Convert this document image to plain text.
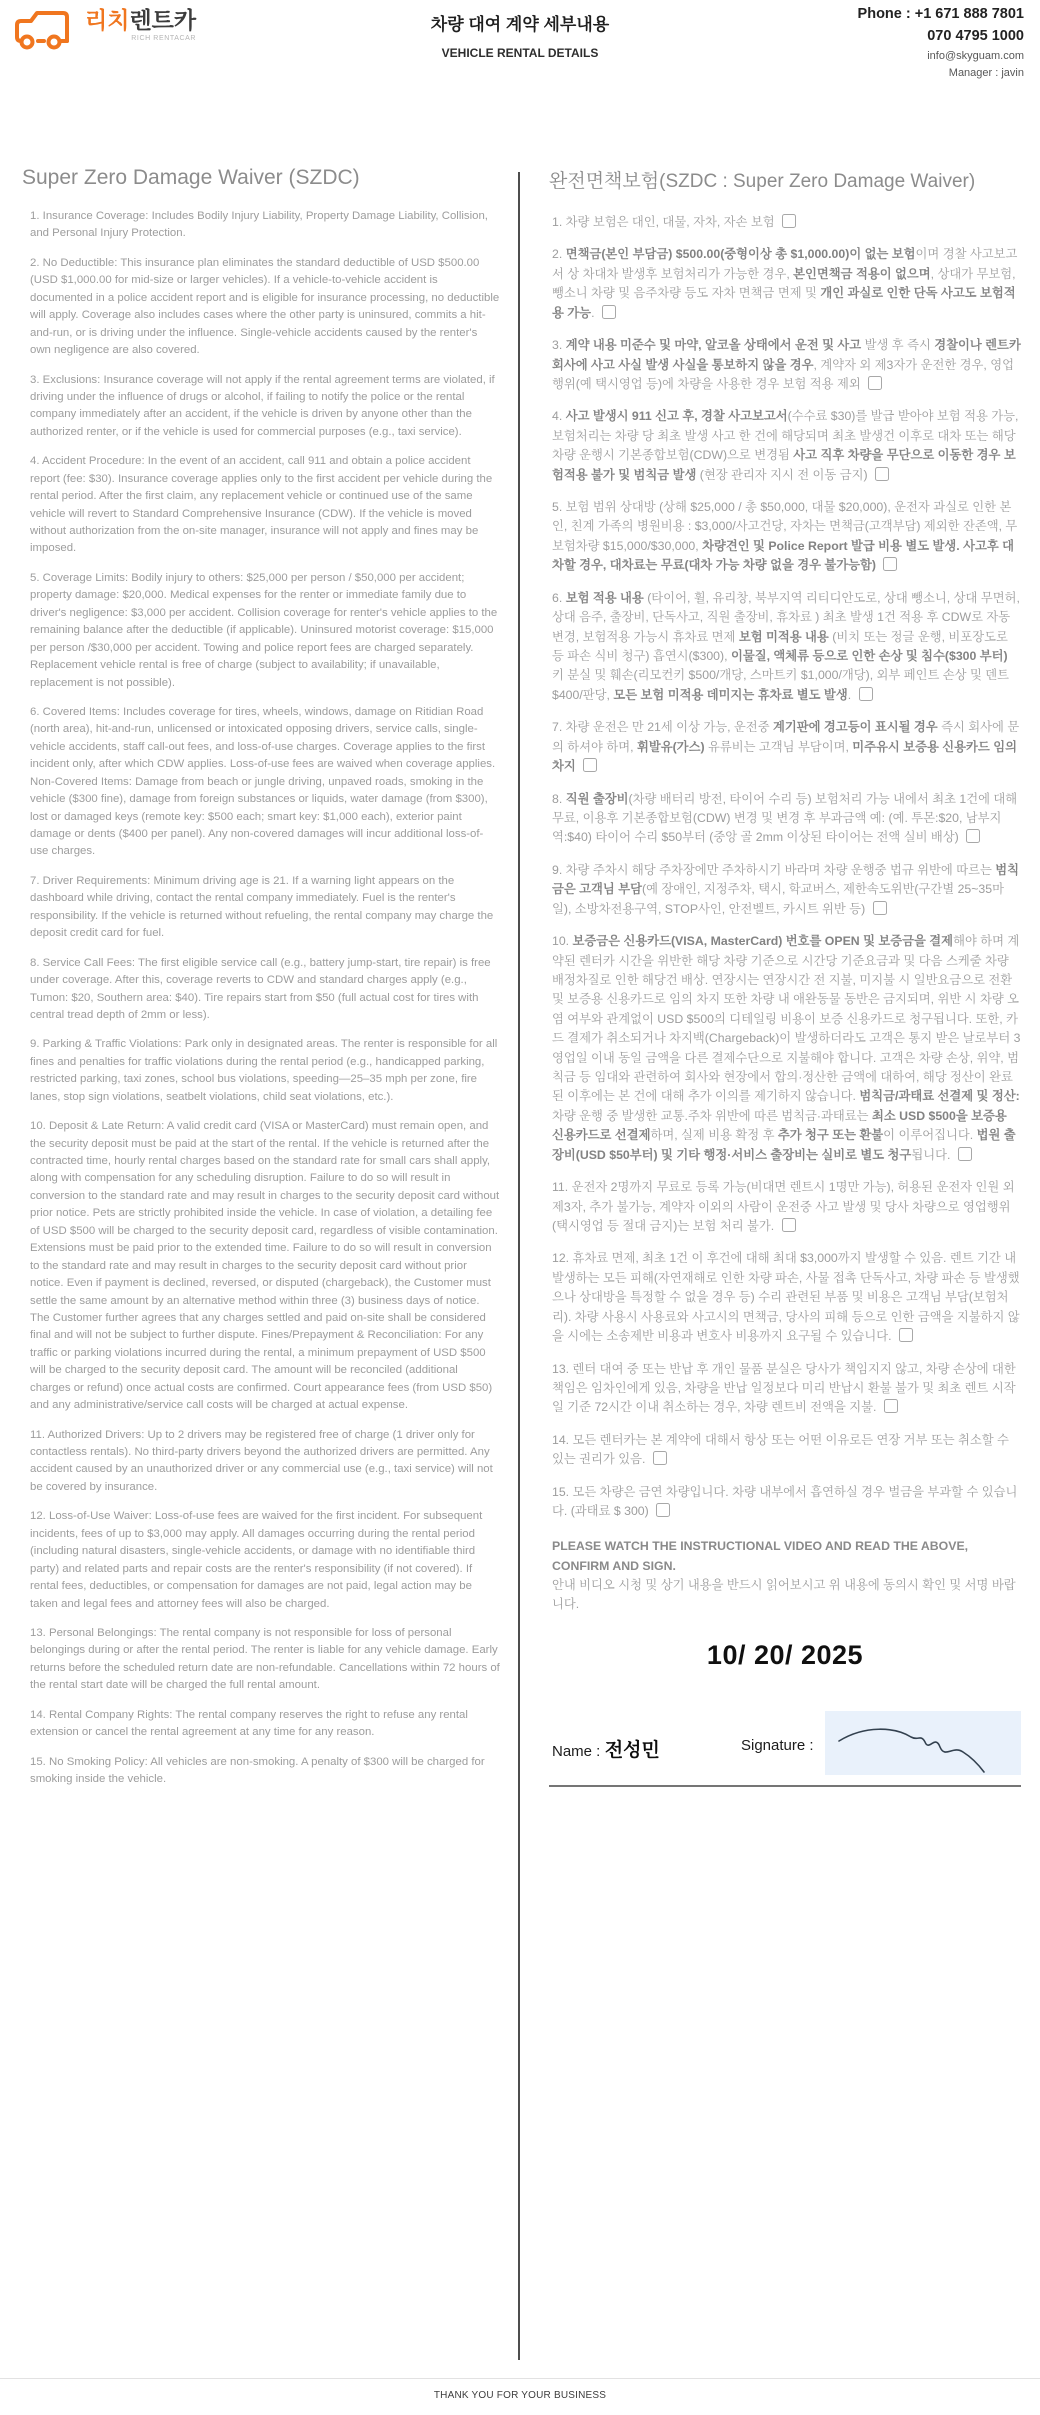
리치렌트카
RICH RENTACAR
차량 대여 계약 세부내용
VEHICLE RENTAL DETAILS
Phone : +1 671 888 7801
070 4795 1000
info@skyguam.com
Manager : javin
Super Zero Damage Waiver (SZDC)

1. Insurance Coverage: Includes Bodily Injury Liability, Property Damage Liability, Collision, and Personal Injury Protection.

2. No Deductible: This insurance plan eliminates the standard deductible of USD $500.00 (USD $1,000.00 for mid-size or larger vehicles). If a vehicle-to-vehicle accident is documented in a police accident report and is eligible for insurance processing, no deductible will apply. Coverage also includes cases where the other party is uninsured, commits a hit-and-run, or is driving under the influence. Single-vehicle accidents caused by the renter's own negligence are also covered.

3. Exclusions: Insurance coverage will not apply if the rental agreement terms are violated, if driving under the influence of drugs or alcohol, if failing to notify the police or the rental company immediately after an accident, if the vehicle is driven by anyone other than the authorized renter, or if the vehicle is used for commercial purposes (e.g., taxi service).

4. Accident Procedure: In the event of an accident, call 911 and obtain a police accident report (fee: $30). Insurance coverage applies only to the first accident per vehicle during the rental period. After the first claim, any replacement vehicle or continued use of the same vehicle will revert to Standard Comprehensive Insurance (CDW). If the vehicle is moved without authorization from the on-site manager, insurance will not apply and fines may be imposed.

5. Coverage Limits: Bodily injury to others: $25,000 per person / $50,000 per accident; property damage: $20,000. Medical expenses for the renter or immediate family due to driver's negligence: $3,000 per accident. Collision coverage for renter's vehicle applies to the remaining balance after the deductible (if applicable). Uninsured motorist coverage: $15,000 per person /$30,000 per accident. Towing and police report fees are charged separately. Replacement vehicle rental is free of charge (subject to availability; if unavailable, replacement is not possible).

6. Covered Items: Includes coverage for tires, wheels, windows, damage on Ritidian Road (north area), hit-and-run, unlicensed or intoxicated opposing drivers, service calls, single-vehicle accidents, staff call-out fees, and loss-of-use charges. Coverage applies to the first incident only, after which CDW applies. Loss-of-use fees are waived when coverage applies. Non-Covered Items: Damage from beach or jungle driving, unpaved roads, smoking in the vehicle ($300 fine), damage from foreign substances or liquids, water damage (from $300), lost or damaged keys (remote key: $500 each; smart key: $1,000 each), exterior paint damage or dents ($400 per panel). Any non-covered damages will incur additional loss-of-use charges.

7. Driver Requirements: Minimum driving age is 21. If a warning light appears on the dashboard while driving, contact the rental company immediately. Fuel is the renter's responsibility. If the vehicle is returned without refueling, the rental company may charge the deposit credit card for fuel.

8. Service Call Fees: The first eligible service call (e.g., battery jump-start, tire repair) is free under coverage. After this, coverage reverts to CDW and standard charges apply (e.g., Tumon: $20, Southern area: $40). Tire repairs start from $50 (full actual cost for tires with central tread depth of 2mm or less).

9. Parking & Traffic Violations: Park only in designated areas. The renter is responsible for all fines and penalties for traffic violations during the rental period (e.g., handicapped parking, restricted parking, taxi zones, school bus violations, speeding—25–35 mph per zone, fire lanes, stop sign violations, seatbelt violations, child seat violations, etc.).

10. Deposit & Late Return: A valid credit card (VISA or MasterCard) must remain open, and the security deposit must be paid at the start of the rental. If the vehicle is returned after the contracted time, hourly rental charges based on the standard rate for small cars shall apply, along with compensation for any scheduling disruption. Failure to do so will result in conversion to the standard rate and may result in charges to the security deposit card without prior notice. Pets are strictly prohibited inside the vehicle. In case of violation, a detailing fee of USD $500 will be charged to the security deposit card, regardless of visible contamination. Extensions must be paid prior to the extended time. Failure to do so will result in conversion to the standard rate and may result in charges to the security deposit card without prior notice. Even if payment is declined, reversed, or disputed (chargeback), the Customer must settle the same amount by an alternative method within three (3) business days of notice. The Customer further agrees that any charges settled and paid on-site shall be considered final and will not be subject to further dispute. Fines/Prepayment & Reconciliation: For any traffic or parking violations incurred during the rental, a minimum prepayment of USD $500 will be charged to the security deposit card. The amount will be reconciled (additional charges or refund) once actual costs are confirmed. Court appearance fees (from USD $50) and any administrative/service call costs will be charged at actual expense.

11. Authorized Drivers: Up to 2 drivers may be registered free of charge (1 driver only for contactless rentals). No third-party drivers beyond the authorized drivers are permitted. Any accident caused by an unauthorized driver or any commercial use (e.g., taxi service) will not be covered by insurance.

12. Loss-of-Use Waiver: Loss-of-use fees are waived for the first incident. For subsequent incidents, fees of up to $3,000 may apply. All damages occurring during the rental period (including natural disasters, single-vehicle accidents, or damage with no identifiable third party) and related parts and repair costs are the renter's responsibility (if not covered). If rental fees, deductibles, or compensation for damages are not paid, legal action may be taken and legal fees and attorney fees will also be charged.

13. Personal Belongings: The rental company is not responsible for loss of personal belongings during or after the rental period. The renter is liable for any vehicle damage. Early returns before the scheduled return date are non-refundable. Cancellations within 72 hours of the rental start date will be charged the full rental amount.

14. Rental Company Rights: The rental company reserves the right to refuse any rental extension or cancel the rental agreement at any time for any reason.

15. No Smoking Policy: All vehicles are non-smoking. A penalty of $300 will be charged for smoking inside the vehicle.

완전면책보험(SZDC : Super Zero Damage Waiver)

1. 차량 보험은 대인, 대물, 자차, 자손 보험

2. 면책금(본인 부담금) $500.00(중형이상 총 $1,000.00)이 없는 보험이며 경찰 사고보고서 상 차대차 발생후 보험처리가 가능한 경우, 본인면책금 적용이 없으며, 상대가 무보험, 뺑소니 차량 및 음주차량 등도 자차 면책금 면제 및 개인 과실로 인한 단독 사고도 보험적용 가능.

3. 계약 내용 미준수 및 마약, 알코올 상태에서 운전 및 사고 발생 후 즉시 경찰이나 렌트카 회사에 사고 사실 발생 사실을 통보하지 않을 경우, 계약자 외 제3자가 운전한 경우, 영업행위(예 택시영업 등)에 차량을 사용한 경우 보험 적용 제외

4. 사고 발생시 911 신고 후, 경찰 사고보고서(수수료 $30)를 발급 받아야 보험 적용 가능, 보험처리는 차량 당 최초 발생 사고 한 건에 해당되며 최초 발생건 이후로 대차 또는 해당 차량 운행시 기본종합보험(CDW)으로 변경됨 사고 직후 차량을 무단으로 이동한 경우 보험적용 불가 및 범칙금 발생 (현장 관리자 지시 전 이동 금지)

5. 보험 범위 상대방 (상해 $25,000 / 총 $50,000, 대물 $20,000), 운전자 과실로 인한 본인, 친계 가족의 병원비용 : $3,000/사고건당, 자차는 면책금(고객부담) 제외한 잔존액, 무보험차량 $15,000/$30,000, 차량견인 및 Police Report 발급 비용 별도 발생. 사고후 대차할 경우, 대차료는 무료(대차 가능 차량 없을 경우 불가능함)

6. 보험 적용 내용 (타이어, 휠, 유리창, 북부지역 리티디안도로, 상대 뺑소니, 상대 무면허, 상대 음주, 출장비, 단독사고, 직원 출장비, 휴차료 ) 최초 발생 1건 적용 후 CDW로 자동 변경, 보험적용 가능시 휴차료 면제 보험 미적용 내용 (비치 또는 정글 운행, 비포장도로 등 파손 식비 청구) 흡연시($300), 이물질, 액체류 등으로 인한 손상 및 침수($300 부터) 키 분실 및 훼손(리모컨키 $500/개당, 스마트키 $1,000/개당), 외부 페인트 손상 및 덴트 $400/판당, 모든 보험 미적용 데미지는 휴차료 별도 발생.

7. 차량 운전은 만 21세 이상 가능, 운전중 계기판에 경고등이 표시될 경우 즉시 회사에 문의 하셔야 하며, 휘발유(가스) 유류비는 고객님 부담이며, 미주유시 보증용 신용카드 임의 차지

8. 직원 출장비(차량 배터리 방전, 타이어 수리 등) 보험처리 가능 내에서 최초 1건에 대해 무료, 이용후 기본종합보험(CDW) 변경 및 변경 후 부과금액 예: (예. 투몬:$20, 남부지역:$40) 타이어 수리 $50부터 (중앙 골 2mm 이상된 타이어는 전액 실비 배상)

9. 차량 주차시 해당 주차장에만 주차하시기 바라며 차량 운행중 법규 위반에 따르는 범칙금은 고객님 부담(예 장애인, 지정주차, 택시, 학교버스, 제한속도위반(구간별 25~35마일), 소방차전용구역, STOP사인, 안전벨트, 카시트 위반 등)

10. 보증금은 신용카드(VISA, MasterCard) 번호를 OPEN 및 보증금을 결제해야 하며 계약된 렌터카 시간을 위반한 해당 차량 기준으로 시간당 기준요금과 및 다음 스케줄 차량 배정차질로 인한 해당건 배상. 연장시는 연장시간 전 지불, 미지불 시 일반요금으로 전환 및 보증용 신용카드로 임의 차지 또한 차량 내 애완동물 동반은 금지되며, 위반 시 차량 오염 여부와 관계없이 USD $500의 디테일링 비용이 보증 신용카드로 청구됩니다. 또한, 카드 결제가 취소되거나 차지백(Chargeback)이 발생하더라도 고객은 통지 받은 날로부터 3영업일 이내 동일 금액을 다른 결제수단으로 지불해야 합니다. 고객은 차량 손상, 위약, 범칙금 등 임대와 관련하여 회사와 현장에서 합의·정산한 금액에 대하여, 해당 정산이 완료된 이후에는 본 건에 대해 추가 이의를 제기하지 않습니다. 범칙금/과태료 선결제 및 정산: 차량 운행 중 발생한 교통.주차 위반에 따른 범칙금·과태료는 최소 USD $500을 보증용 신용카드로 선결제하며, 실제 비용 확정 후 추가 청구 또는 환불이 이루어집니다. 법원 출장비(USD $50부터) 및 기타 행정·서비스 출장비는 실비로 별도 청구됩니다.

11. 운전자 2명까지 무료로 등록 가능(비대면 렌트시 1명만 가능), 허용된 운전자 인원 외 제3자, 추가 불가능, 계약자 이외의 사람이 운전중 사고 발생 및 당사 차량으로 영업행위(택시영업 등 절대 금지)는 보험 처리 불가.

12. 휴차료 면제, 최초 1건 이 후건에 대해 최대 $3,000까지 발생할 수 있음. 렌트 기간 내 발생하는 모든 피해(자연재해로 인한 차량 파손, 사물 접촉 단독사고, 차량 파손 등 발생했으나 상대방을 특정할 수 없을 경우 등) 수리 관련된 부품 및 비용은 고객님 부담(보험처리). 차량 사용시 사용료와 사고시의 면책금, 당사의 피해 등으로 인한 금액을 지불하지 않을 시에는 소송제반 비용과 변호사 비용까지 요구될 수 있습니다.

13. 렌터 대여 중 또는 반납 후 개인 물품 분실은 당사가 책임지지 않고, 차량 손상에 대한 책임은 임차인에게 있음, 차량을 반납 일정보다 미리 반납시 환불 불가 및 최초 렌트 시작일 기준 72시간 이내 취소하는 경우, 차량 렌트비 전액을 지불.

14. 모든 렌터카는 본 계약에 대해서 항상 또는 어떤 이유로든 연장 거부 또는 취소할 수 있는 권리가 있음.

15. 모든 차량은 금연 차량입니다. 차량 내부에서 흡연하실 경우 벌금을 부과할 수 있습니다. (과태료 $ 300)

PLEASE WATCH THE INSTRUCTIONAL VIDEO AND READ THE ABOVE, CONFIRM AND SIGN.
안내 비디오 시청 및 상기 내용을 반드시 읽어보시고 위 내용에 동의시 확인 및 서명 바랍니다.
10/ 20/ 2025
Name : 전성민	Signature :
THANK YOU FOR YOUR BUSINESS
